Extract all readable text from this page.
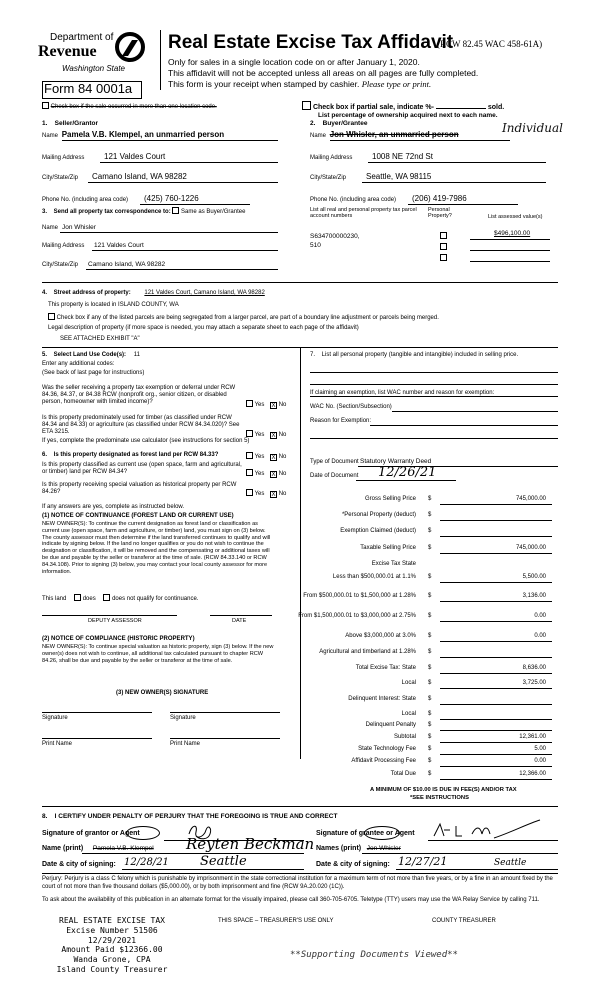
Department of
Revenue
Washington State
Form 84 0001a
Real Estate Excise Tax Affidavit
(RCW 82.45 WAC 458-61A)
Only for sales in a single location code on or after January 1, 2020.
This affidavit will not be accepted unless all areas on all pages are fully completed.
This form is your receipt when stamped by cashier. Please type or print.
Check box if the sale occurred in more than one location code.	Check box if partial sale, indicate %-	sold.
List percentage of ownership acquired next to each name.
1.    Seller/Grantor
Name Pamela V.B. Klempel, an unmarried person
Mailing Address 121 Valdes Court
City/State/Zip Camano Island, WA 98282
Phone No. (including area code) (425) 760-1226
3.    Send all property tax correspondence to: Same as Buyer/Grantee
Name Jon Whisler
Mailing Address 121 Valdes Court
City/State/Zip Camano Island, WA 98282
2.    Buyer/Grantee
Name Jon Whisler, an unmarried person	Individual
Mailing Address 1008 NE 72nd St
City/State/Zip Seattle, WA 98115
Phone No. (including area code) (206) 419-7986
List all real and personal property tax parcel account numbers
Personal Property?	List assessed value(s)
S634700000230,
510
$496,100.00
4.    Street address of property: 121 Valdes Court, Camano Island, WA 98282
This property is located in ISLAND COUNTY, WA
Check box if any of the listed parcels are being segregated from a larger parcel, are part of a boundary line adjustment or parcels being merged.
Legal description of property (if more space is needed, you may attach a separate sheet to each page of the affidavit)
SEE ATTACHED EXHIBIT "A"
5.    Select Land Use Code(s): 11
Enter any additional codes:
(See back of last page for instructions)
Was the seller receiving a property tax exemption or deferral under RCW 84.36, 84.37, or 84.38 RCW (nonprofit org., senior citizen, or disabled person, homeowner with limited income)?
Yes X No
Is this property predominately used for timber (as classified under RCW 84.34 and 84.33) or agriculture (as classified under RCW 84.34.020)? See ETA 3215.
Yes X No
If yes, complete the predominate use calculator (see instructions for section 5)
6.    Is this property designated as forest land per RCW 84.33?	Yes X No
Is this property classified as current use (open space, farm and agricultural, or timber) land per RCW 84.34?	Yes X No
Is this property receiving special valuation as historical property per RCW 84.26?	Yes X No
If any answers are yes, complete as instructed below.
(1) NOTICE OF CONTINUANCE (FOREST LAND OR CURRENT USE)
NEW OWNER(S): To continue the current designation as forest land or classification as current use (open space, farm and agriculture, or timber) land, you must sign on (3) below. The county assessor must then determine if the land transferred continues to qualify and will indicate by signing below. If the land no longer qualifies or you do not wish to continue the designation or classification, it will be removed and the compensating or additional taxes will be due and payable by the seller or transferor at the time of sale. (RCW 84.33.140 or RCW 84.34.108). Prior to signing (3) below, you may contact your local county assessor for more information.
This land	does	does not qualify for continuance.
DEPUTY ASSESSOR	DATE
(2) NOTICE OF COMPLIANCE (HISTORIC PROPERTY)
NEW OWNER(S): To continue special valuation as historic property, sign (3) below. If the new owner(s) does not wish to continue, all additional tax calculated pursuant to chapter RCW 84.26, shall be due and payable by the seller or transferor at the time of sale.
(3) NEW OWNER(S) SIGNATURE
Signature	Signature
Print Name	Print Name
7.    List all personal property (tangible and intangible) included in selling price.
If claiming an exemption, list WAC number and reason for exemption:
WAC No. (Section/Subsection)
Reason for Exemption:
Type of Document Statutory Warranty Deed
Date of Document 12/26/21
Gross Selling Price $	745,000.00
*Personal Property (deduct) $
Exemption Claimed (deduct) $
Taxable Selling Price $	745,000.00
Excise Tax State
Less than $500,000.01 at 1.1% $	5,500.00
From $500,000.01 to $1,500,000 at 1.28% $	3,136.00
From $1,500,000.01 to $3,000,000 at 2.75% $	0.00
Above $3,000,000 at 3.0% $	0.00
Agricultural and timberland at 1.28% $
Total Excise Tax: State $	8,636.00
Local $	3,725.00
Delinquent Interest: State $
Local $
Delinquent Penalty $
Subtotal $	12,361.00
State Technology Fee $	5.00
Affidavit Processing Fee $	0.00
Total Due $	12,366.00
A MINIMUM OF $10.00 IS DUE IN FEE(S) AND/OR TAX
*SEE INSTRUCTIONS
8.    I CERTIFY UNDER PENALTY OF PERJURY THAT THE FOREGOING IS TRUE AND CORRECT
Signature of grantor or Agent	Signature of grantee or Agent
Name (print) Pamela V.B. Klempel Reyten Beckman Names (print) Jon Whisler
Date & city of signing: 12/28/21 Seattle	Date & city of signing: 12/27/21	Seattle
Perjury: Perjury is a class C felony which is punishable by imprisonment in the state correctional institution for a maximum term of not more than five years, or by a fine in an amount fixed by the court of not more than five thousand dollars ($5,000.00), or by both imprisonment and fine (RCW 9A.20.020 (1C)).
To ask about the availability of this publication in an alternate format for the visually impaired, please call 360-705-6705. Teletype (TTY) users may use the WA Relay Service by calling 711.
REAL ESTATE EXCISE TAX
Excise Number 51506
12/29/2021
Amount Paid $12366.00
Wanda Grone, CPA
Island County Treasurer
THIS SPACE – TREASURER'S USE ONLY	COUNTY TREASURER
**Supporting Documents Viewed**
